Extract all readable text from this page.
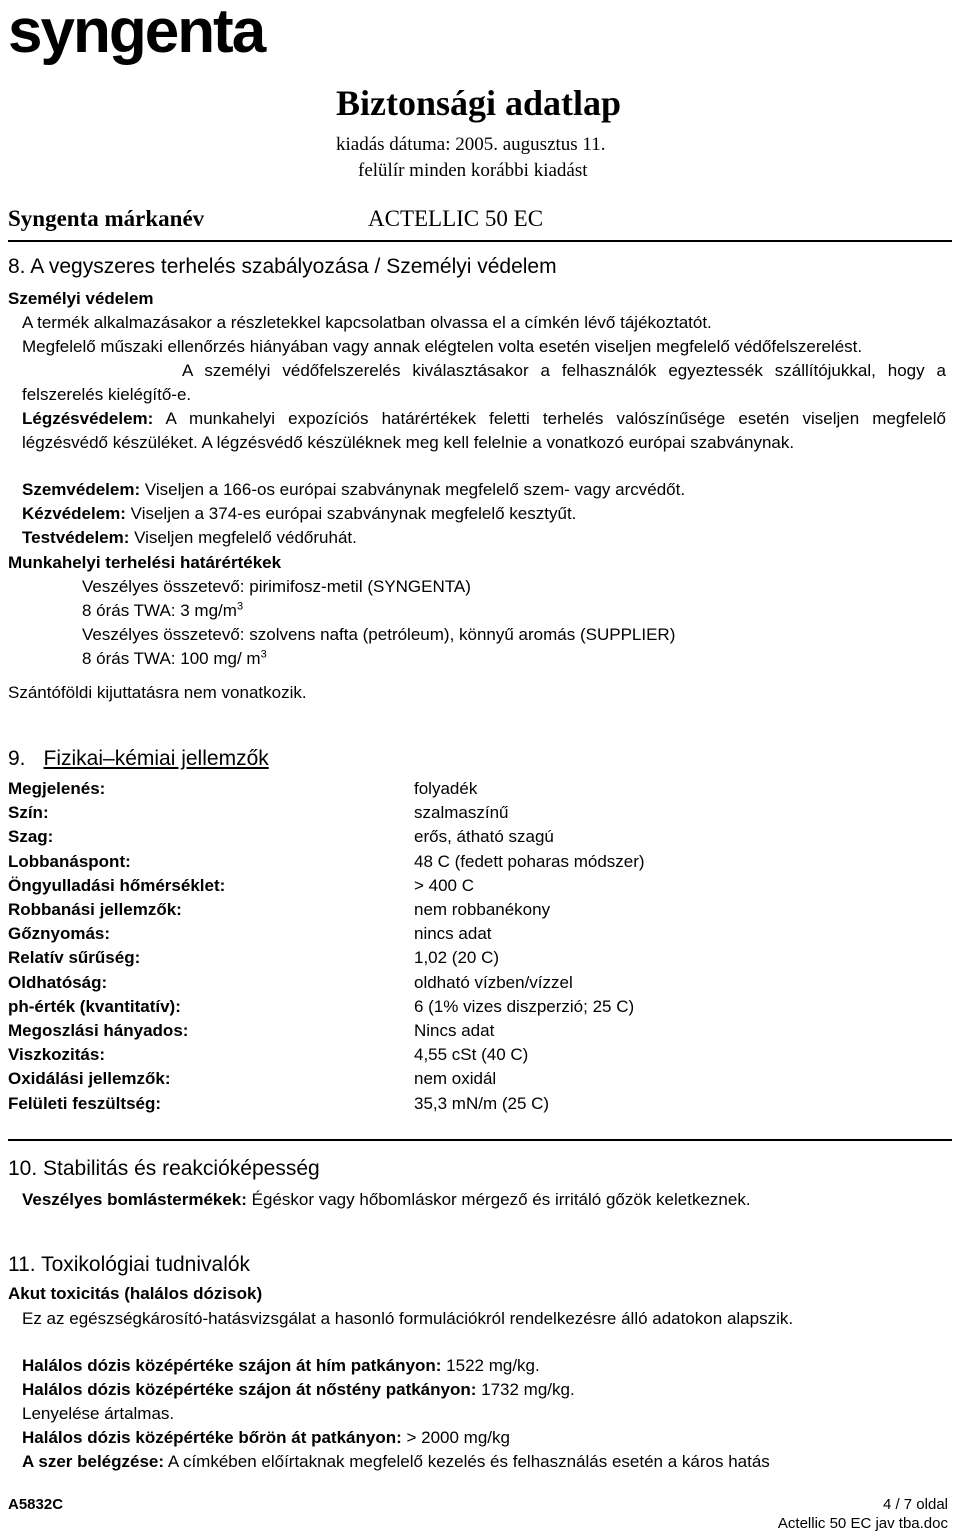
syngenta
Biztonsági adatlap
kiadás dátuma: 2005. augusztus 11.
felülír minden korábbi kiadást
Syngenta márkanév	ACTELLIC 50 EC
8. A vegyszeres terhelés szabályozása / Személyi védelem
Személyi védelem
A termék alkalmazásakor a részletekkel kapcsolatban olvassa el a címkén lévő tájékoztatót.
Megfelelő műszaki ellenőrzés hiányában vagy annak elégtelen volta esetén viseljen megfelelő védőfelszerelést.
A személyi védőfelszerelés kiválasztásakor a felhasználók egyeztessék szállítójukkal, hogy a felszerelés kielégítő-e.
Légzésvédelem: A munkahelyi expozíciós határértékek feletti terhelés valószínűsége esetén viseljen megfelelő légzésvédő készüléket. A légzésvédő készüléknek meg kell felelnie a vonatkozó európai szabványnak.
Szemvédelem: Viseljen a 166-os európai szabványnak megfelelő szem- vagy arcvédőt.
Kézvédelem: Viseljen a 374-es európai szabványnak megfelelő kesztyűt.
Testvédelem: Viseljen megfelelő védőruhát.
Munkahelyi terhelési határértékek
Veszélyes összetevő: pirimifosz-metil (SYNGENTA)
8 órás TWA: 3 $mg/m^3$
Veszélyes összetevő: szolvens nafta (petróleum), könnyű aromás (SUPPLIER)
8 órás TWA: 100 mg/ $m^3$
Szántóföldi kijuttatásra nem vonatkozik.
9. Fizikai–kémiai jellemzők
Megjelenés:	folyadék
Szín:	szalmaszínű
Szag:	erős, átható szagú
Lobbanáspont:	48 C (fedett poharas módszer)
Öngyulladási hőmérséklet:	> 400 C
Robbanási jellemzők:	nem robbanékony
Gőznyomás:	nincs adat
Relatív sűrűség:	1,02 (20 C)
Oldhatóság:	oldható vízben/vízzel
ph-érték (kvantitatív):	6 (1% vizes diszperzió; 25 C)
Megoszlási hányados:	Nincs adat
Viszkozitás:	4,55 cSt (40 C)
Oxidálási jellemzők:	nem oxidál
Felületi feszültség:	35,3 mN/m (25 C)
10. Stabilitás és reakcióképesség
Veszélyes bomlástermékek: Égéskor vagy hőbomláskor mérgező és irritáló gőzök keletkeznek.
11. Toxikológiai tudnivalók
Akut toxicitás (halálos dózisok)
Ez az egészségkárosító-hatásvizsgálat a hasonló formulációkról rendelkezésre álló adatokon alapszik.
Halálos dózis középértéke szájon át hím patkányon: 1522 mg/kg.
Halálos dózis középértéke szájon át nőstény patkányon: 1732 mg/kg.
Lenyelése ártalmas.
Halálos dózis középértéke bőrön át patkányon: > 2000 mg/kg
A szer belégzése: A címkében előírtaknak megfelelő kezelés és felhasználás esetén a káros hatás
A5832C	4 / 7 oldal
Actellic 50 EC jav tba.doc
